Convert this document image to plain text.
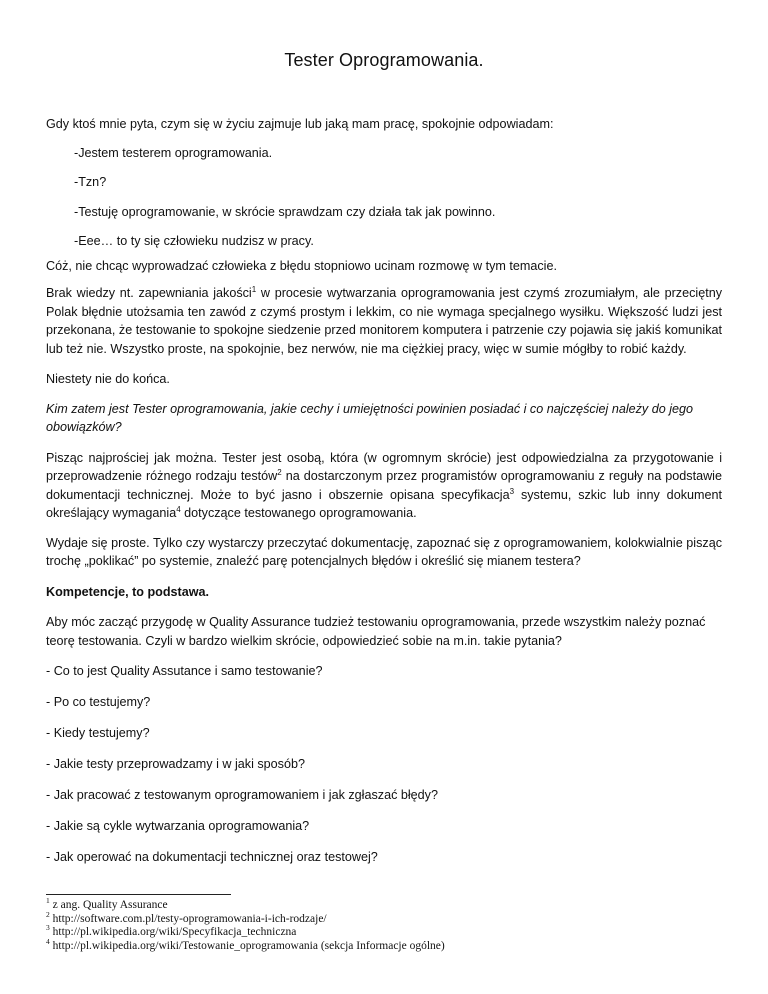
Tester Oprogramowania.

Gdy ktoś mnie pyta, czym się w życiu zajmuje lub jaką mam pracę, spokojnie odpowiadam:

-Jestem testerem oprogramowania.

-Tzn?

-Testuję oprogramowanie, w skrócie sprawdzam czy działa tak jak powinno.

-Eee… to ty się człowieku nudzisz w pracy.

Cóż, nie chcąc wyprowadzać człowieka z błędu stopniowo ucinam rozmowę w tym temacie.

Brak wiedzy nt. zapewniania jakości$^1$ w procesie wytwarzania oprogramowania jest czymś zrozumiałym, ale przeciętny Polak błędnie utożsamia ten zawód z czymś prostym i lekkim, co nie wymaga specjalnego wysiłku. Większość ludzi jest przekonana, że testowanie to spokojne siedzenie przed monitorem komputera i patrzenie czy pojawia się jakiś komunikat lub też nie. Wszystko proste, na spokojnie, bez nerwów, nie ma ciężkiej pracy, więc w sumie mógłby to robić każdy.

Niestety nie do końca.

Kim zatem jest Tester oprogramowania, jakie cechy i umiejętności powinien posiadać i co najczęściej należy do jego obowiązków?

Pisząc najprościej jak można. Tester jest osobą, która (w ogromnym skrócie) jest odpowiedzialna za przygotowanie i przeprowadzenie różnego rodzaju testów$^2$ na dostarczonym przez programistów oprogramowaniu z reguły na podstawie dokumentacji technicznej. Może to być jasno i obszernie opisana specyfikacja$^3$ systemu, szkic lub inny dokument określający wymagania$^4$ dotyczące testowanego oprogramowania.

Wydaje się proste. Tylko czy wystarczy przeczytać dokumentację, zapoznać się z oprogramowaniem, kolokwialnie pisząc trochę „poklikać” po systemie, znaleźć parę potencjalnych błędów i określić się mianem testera?

Kompetencje, to podstawa.

Aby móc zacząć przygodę w Quality Assurance tudzież testowaniu oprogramowania, przede wszystkim należy poznać teorę testowania. Czyli w bardzo wielkim skrócie, odpowiedzieć sobie na m.in. takie pytania?

- Co to jest Quality Assutance i samo testowanie?

- Po co testujemy?

- Kiedy testujemy?

- Jakie testy przeprowadzamy i w jaki sposób?

- Jak pracować z testowanym oprogramowaniem i jak zgłaszać błędy?

- Jakie są cykle wytwarzania oprogramowania?

- Jak operować na dokumentacji technicznej oraz testowej?

$^1$ z ang. Quality Assurance

$^2$ http://software.com.pl/testy-oprogramowania-i-ich-rodzaje/

$^3$ http://pl.wikipedia.org/wiki/Specyfikacja_techniczna

$^4$ http://pl.wikipedia.org/wiki/Testowanie_oprogramowania (sekcja Informacje ogólne)
